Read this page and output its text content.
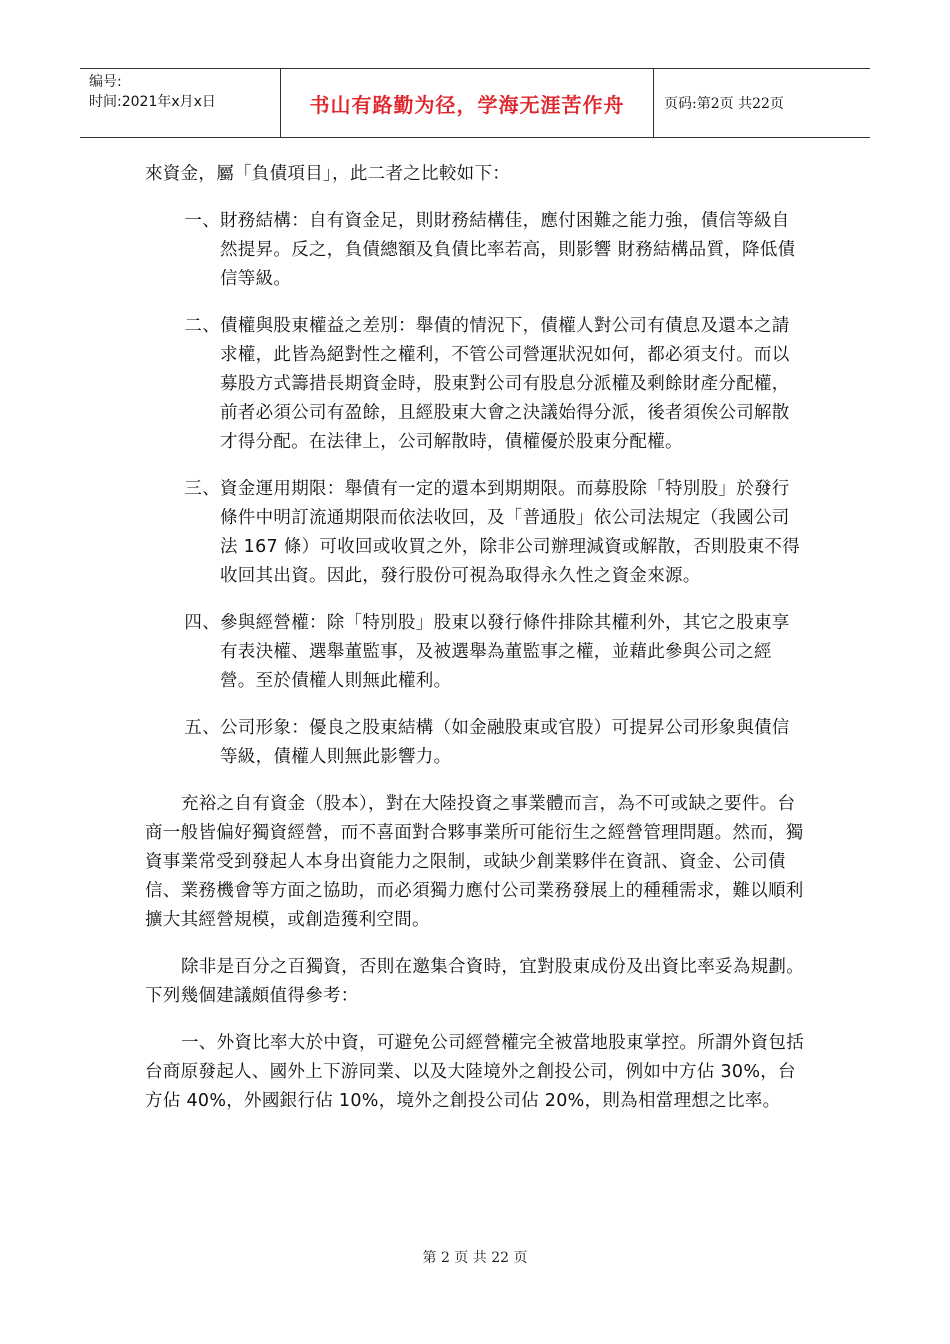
编号:
时间:2021年x月x日	书山有路勤为径，学海无涯苦作舟	页码:第2页 共22页

來資金，屬「負債項目」，此二者之比較如下：

一、 財務結構：自有資金足，則財務結構佳，應付困難之能力強，債信等級自然提昇。反之，負債總額及負債比率若高，則影響 財務結構品質，降低債信等級。
二、 債權與股東權益之差別：舉債的情況下，債權人對公司有債息及還本之請求權，此皆為絕對性之權利，不管公司營運狀況如何，都必須支付。而以募股方式籌措長期資金時，股東對公司有股息分派權及剩餘財產分配權，前者必須公司有盈餘，且經股東大會之決議始得分派，後者須俟公司解散才得分配。在法律上，公司解散時，債權優於股東分配權。
三、 資金運用期限：舉債有一定的還本到期期限。而募股除「特別股」於發行條件中明訂流通期限而依法收回，及「普通股」依公司法規定（我國公司法 167 條）可收回或收買之外，除非公司辦理減資或解散，否則股東不得收回其出資。因此，發行股份可視為取得永久性之資金來源。
四、 參與經營權：除「特別股」股東以發行條件排除其權利外，其它之股東享有表決權、選舉董監事，及被選舉為董監事之權，並藉此參與公司之經營。至於債權人則無此權利。
五、 公司形象：優良之股東結構（如金融股東或官股）可提昇公司形象與債信等級，債權人則無此影響力。

充裕之自有資金（股本），對在大陸投資之事業體而言，為不可或缺之要件。台商一般皆偏好獨資經營，而不喜面對合夥事業所可能衍生之經營管理問題。然而，獨資事業常受到發起人本身出資能力之限制，或缺少創業夥伴在資訊、資金、公司債信、業務機會等方面之協助，而必須獨力應付公司業務發展上的種種需求，難以順利擴大其經營規模，或創造獲利空間。

除非是百分之百獨資，否則在邀集合資時，宜對股東成份及出資比率妥為規劃。下列幾個建議頗值得參考：

一、外資比率大於中資，可避免公司經營權完全被當地股東掌控。所謂外資包括台商原發起人、國外上下游同業、以及大陸境外之創投公司，例如中方佔 30%，台方佔 40%，外國銀行佔 10%，境外之創投公司佔 20%，則為相當理想之比率。

第 2 页 共 22 页
